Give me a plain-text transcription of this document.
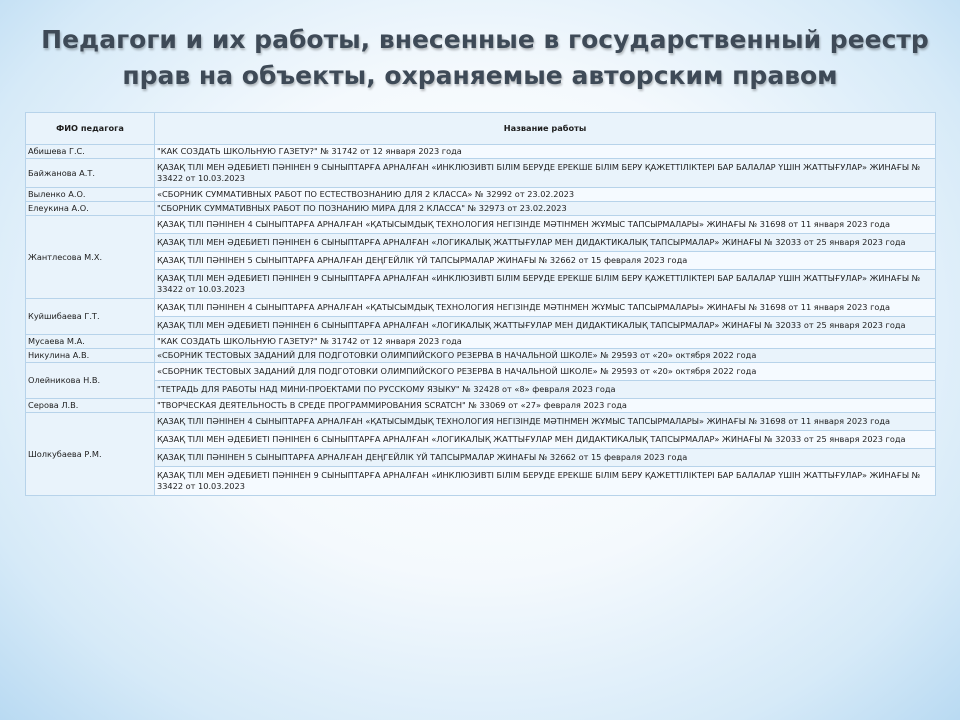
Педагоги и их работы, внесенные в государственный реестр
прав на объекты, охраняемые авторским правом
ФИО педагога	Название работы
Абишева Г.С.	"КАК СОЗДАТЬ ШКОЛЬНУЮ ГАЗЕТУ?" № 31742 от 12 января 2023 года
Байжанова А.Т.	ҚАЗАҚ ТІЛІ МЕН ӘДЕБИЕТІ ПӘНІНЕН 9 СЫНЫПТАРҒА АРНАЛҒАН «ИНКЛЮЗИВТІ БІЛІМ БЕРУДЕ ЕРЕКШЕ БІЛІМ БЕРУ ҚАЖЕТТІЛІКТЕРІ БАР БАЛАЛАР ҮШІН ЖАТТЫҒУЛАР» ЖИНАҒЫ № 33422 от 10.03.2023
Выленко А.О.	«СБОРНИК СУММАТИВНЫХ РАБОТ ПО ЕСТЕСТВОЗНАНИЮ ДЛЯ 2 КЛАССА» № 32992 от 23.02.2023
Елеукина А.О.	"СБОРНИК СУММАТИВНЫХ РАБОТ ПО ПОЗНАНИЮ МИРА ДЛЯ 2 КЛАССА" № 32973 от 23.02.2023
Жантлесова М.Х.	ҚАЗАҚ ТІЛІ ПӘНІНЕН 4 СЫНЫПТАРҒА АРНАЛҒАН «ҚАТЫСЫМДЫҚ ТЕХНОЛОГИЯ НЕГІЗІНДЕ МӘТІНМЕН ЖҰМЫС ТАПСЫРМАЛАРЫ» ЖИНАҒЫ № 31698 от 11 января 2023 года
	ҚАЗАҚ ТІЛІ МЕН ӘДЕБИЕТІ ПӘНІНЕН 6 СЫНЫПТАРҒА АРНАЛҒАН «ЛОГИКАЛЫҚ ЖАТТЫҒУЛАР МЕН ДИДАКТИКАЛЫҚ ТАПСЫРМАЛАР» ЖИНАҒЫ № 32033 от 25 января 2023 года
	ҚАЗАҚ ТІЛІ ПӘНІНЕН 5 СЫНЫПТАРҒА АРНАЛҒАН ДЕҢГЕЙЛІК ҮЙ ТАПСЫРМАЛАР ЖИНАҒЫ № 32662 от 15 февраля 2023 года
	ҚАЗАҚ ТІЛІ МЕН ӘДЕБИЕТІ ПӘНІНЕН 9 СЫНЫПТАРҒА АРНАЛҒАН «ИНКЛЮЗИВТІ БІЛІМ БЕРУДЕ ЕРЕКШЕ БІЛІМ БЕРУ ҚАЖЕТТІЛІКТЕРІ БАР БАЛАЛАР ҮШІН ЖАТТЫҒУЛАР» ЖИНАҒЫ № 33422 от 10.03.2023
Куйшибаева Г.Т.	ҚАЗАҚ ТІЛІ ПӘНІНЕН 4 СЫНЫПТАРҒА АРНАЛҒАН «ҚАТЫСЫМДЫҚ ТЕХНОЛОГИЯ НЕГІЗІНДЕ МӘТІНМЕН ЖҰМЫС ТАПСЫРМАЛАРЫ» ЖИНАҒЫ № 31698 от 11 января 2023 года
	ҚАЗАҚ ТІЛІ МЕН ӘДЕБИЕТІ ПӘНІНЕН 6 СЫНЫПТАРҒА АРНАЛҒАН «ЛОГИКАЛЫҚ ЖАТТЫҒУЛАР МЕН ДИДАКТИКАЛЫҚ ТАПСЫРМАЛАР» ЖИНАҒЫ № 32033 от 25 января 2023 года
Мусаева М.А.	"КАК СОЗДАТЬ ШКОЛЬНУЮ ГАЗЕТУ?" № 31742 от 12 января 2023 года
Никулина А.В.	«СБОРНИК ТЕСТОВЫХ ЗАДАНИЙ ДЛЯ ПОДГОТОВКИ ОЛИМПИЙСКОГО РЕЗЕРВА В НАЧАЛЬНОЙ ШКОЛЕ» № 29593 от «20» октября 2022 года
Олейникова Н.В.	«СБОРНИК ТЕСТОВЫХ ЗАДАНИЙ ДЛЯ ПОДГОТОВКИ ОЛИМПИЙСКОГО РЕЗЕРВА В НАЧАЛЬНОЙ ШКОЛЕ» № 29593 от «20» октября 2022 года
	"ТЕТРАДЬ ДЛЯ РАБОТЫ НАД МИНИ-ПРОЕКТАМИ ПО РУССКОМУ ЯЗЫКУ" № 32428 от «8» февраля 2023 года
Серова Л.В.	"ТВОРЧЕСКАЯ ДЕЯТЕЛЬНОСТЬ В СРЕДЕ ПРОГРАММИРОВАНИЯ SCRATCH" № 33069 от «27» февраля 2023 года
Шолкубаева Р.М.	ҚАЗАҚ ТІЛІ ПӘНІНЕН 4 СЫНЫПТАРҒА АРНАЛҒАН «ҚАТЫСЫМДЫҚ ТЕХНОЛОГИЯ НЕГІЗІНДЕ МӘТІНМЕН ЖҰМЫС ТАПСЫРМАЛАРЫ» ЖИНАҒЫ № 31698 от 11 января 2023 года
	ҚАЗАҚ ТІЛІ МЕН ӘДЕБИЕТІ ПӘНІНЕН 6 СЫНЫПТАРҒА АРНАЛҒАН «ЛОГИКАЛЫҚ ЖАТТЫҒУЛАР МЕН ДИДАКТИКАЛЫҚ ТАПСЫРМАЛАР» ЖИНАҒЫ № 32033 от 25 января 2023 года
	ҚАЗАҚ ТІЛІ ПӘНІНЕН 5 СЫНЫПТАРҒА АРНАЛҒАН ДЕҢГЕЙЛІК ҮЙ ТАПСЫРМАЛАР ЖИНАҒЫ № 32662 от 15 февраля 2023 года
	ҚАЗАҚ ТІЛІ МЕН ӘДЕБИЕТІ ПӘНІНЕН 9 СЫНЫПТАРҒА АРНАЛҒАН «ИНКЛЮЗИВТІ БІЛІМ БЕРУДЕ ЕРЕКШЕ БІЛІМ БЕРУ ҚАЖЕТТІЛІКТЕРІ БАР БАЛАЛАР ҮШІН ЖАТТЫҒУЛАР» ЖИНАҒЫ № 33422 от 10.03.2023
